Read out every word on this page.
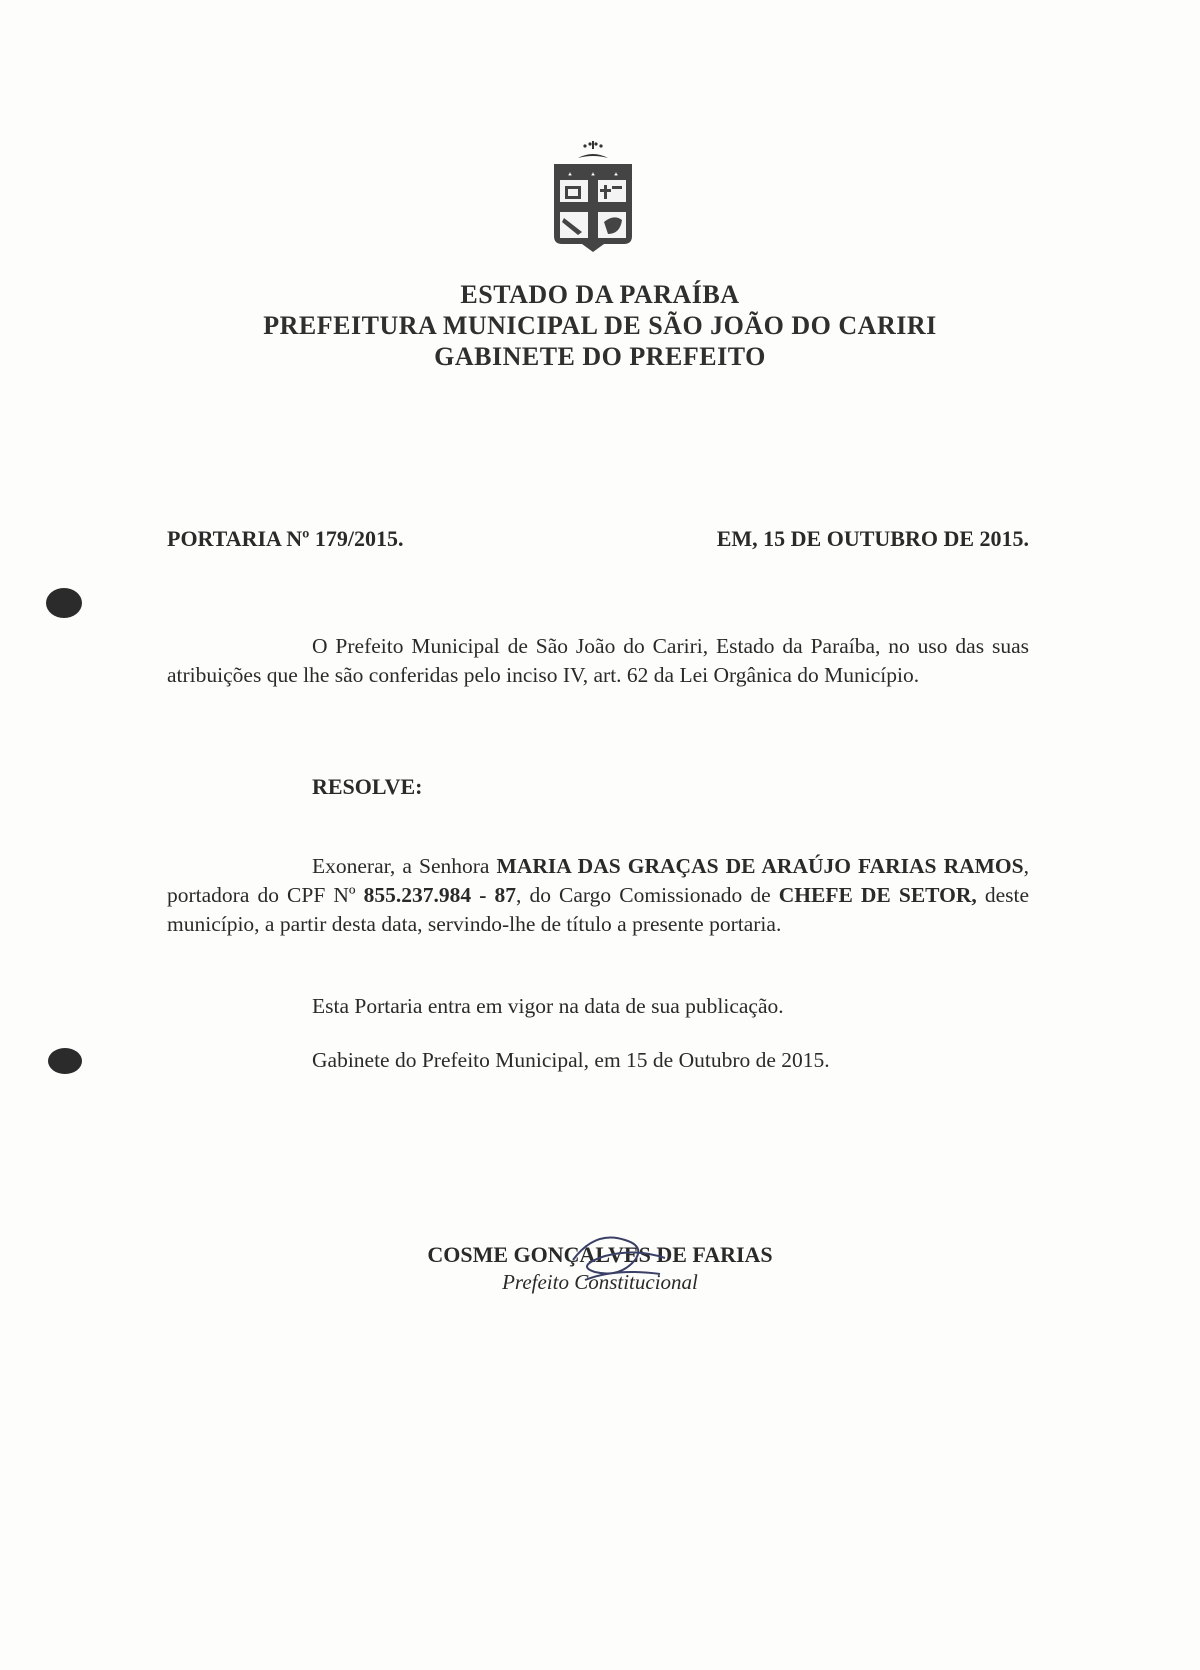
ESTADO DA PARAÍBA
PREFEITURA MUNICIPAL DE SÃO JOÃO DO CARIRI
GABINETE DO PREFEITO
PORTARIA Nº 179/2015.	EM, 15 DE OUTUBRO DE 2015.
O Prefeito Municipal de São João do Cariri, Estado da Paraíba, no uso das suas atribuições que lhe são conferidas pelo inciso IV, art. 62 da Lei Orgânica do Município.
RESOLVE:
Exonerar, a Senhora MARIA DAS GRAÇAS DE ARAÚJO FARIAS RAMOS, portadora do CPF Nº 855.237.984 - 87, do Cargo Comissionado de CHEFE DE SETOR, deste município, a partir desta data, servindo-lhe de título a presente portaria.
Esta Portaria entra em vigor na data de sua publicação.
Gabinete do Prefeito Municipal, em 15 de Outubro de 2015.
COSME GONÇALVES DE FARIAS
Prefeito Constitucional
